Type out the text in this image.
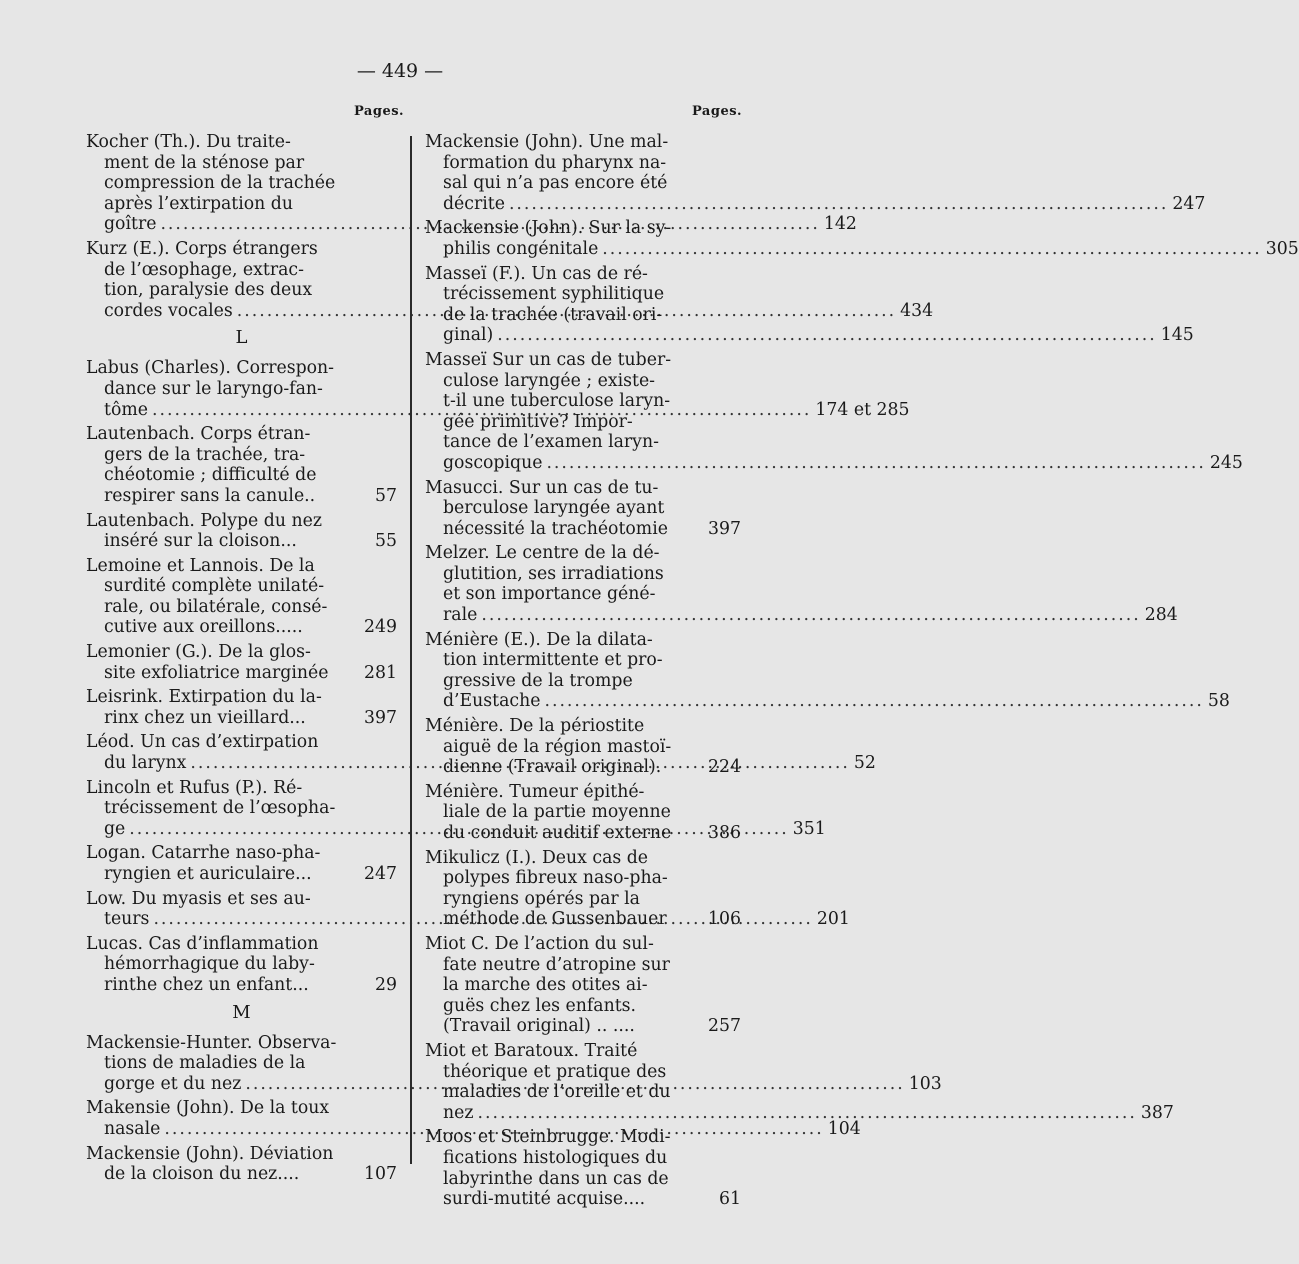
— 449 —
Pages.	Pages.
Kocher (Th.). Du traite-
ment de la sténose par
compression de la trachée
après l’extirpation du
goître .....	142
Kurz (E.). Corps étrangers
de l’œsophage, extrac-
tion, paralysie des deux
cordes vocales .....	434
L
Labus (Charles). Correspon-
dance sur le laryngo-fan-
tôme .....	174 et 285
Lautenbach. Corps étran-
gers de la trachée, tra-
chéotomie ; difficulté de
respirer sans la canule..	57
Lautenbach. Polype du nez
inséré sur la cloison...	55
Lemoine et Lannois. De la
surdité complète unilaté-
rale, ou bilatérale, consé-
cutive aux oreillons.....	249
Lemonier (G.). De la glos-
site exfoliatrice marginée 281
Leisrink. Extirpation du la-
rinx chez un vieillard...	397
Léod. Un cas d’extirpation
du larynx .....	52
Lincoln et Rufus (P.). Ré-
trécissement de l’œsopha-
ge .....	351
Logan. Catarrhe naso-pha-
ryngien et auriculaire...	247
Low. Du myasis et ses au-
teurs .....	201
Lucas. Cas d’inflammation
hémorrhagique du laby-
rinthe chez un enfant...	29
M
Mackensie-Hunter. Observa-
tions de maladies de la
gorge et du nez .....	103
Makensie (John). De la toux
nasale .....	104
Mackensie (John). Déviation
de la cloison du nez....	107
Mackensie (John). Une mal-
formation du pharynx na-
sal qui n’a pas encore été
décrite .....	247
Mackensie (John). Sur la sy-
philis congénitale .....	305
Masseï (F.). Un cas de ré-
trécissement syphilitique
de la trachée (travail ori-
ginal) .....	145
Masseï Sur un cas de tuber-
culose laryngée ; existe-
t-il une tuberculose laryn-
gée primitive? Impor-
tance de l’examen laryn-
goscopique .....	245
Masucci. Sur un cas de tu-
berculose laryngée ayant
nécessité la trachéotomie 397
Melzer. Le centre de la dé-
glutition, ses irradiations
et son importance géné-
rale .....	284
Ménière (E.). De la dilata-
tion intermittente et pro-
gressive de la trompe
d’Eustache .....	58
Ménière. De la périostite
aiguë de la région mastoï-
dienne (Travail original).	224
Ménière. Tumeur épithé-
liale de la partie moyenne
du conduit auditif externe 386
Mikulicz (I.). Deux cas de
polypes fibreux naso-pha-
ryngiens opérés par la
méthode de Gussenbauer 106
Miot C. De l’action du sul-
fate neutre d’atropine sur
la marche des otites ai-
guës chez les enfants.
(Travail original) .. ....	257
Miot et Baratoux. Traité
théorique et pratique des
maladies de l’oreille et du
nez .....	387
Moos et Steinbrugge. Modi-
fications histologiques du
labyrinthe dans un cas de
surdi-mutité acquise....	61
